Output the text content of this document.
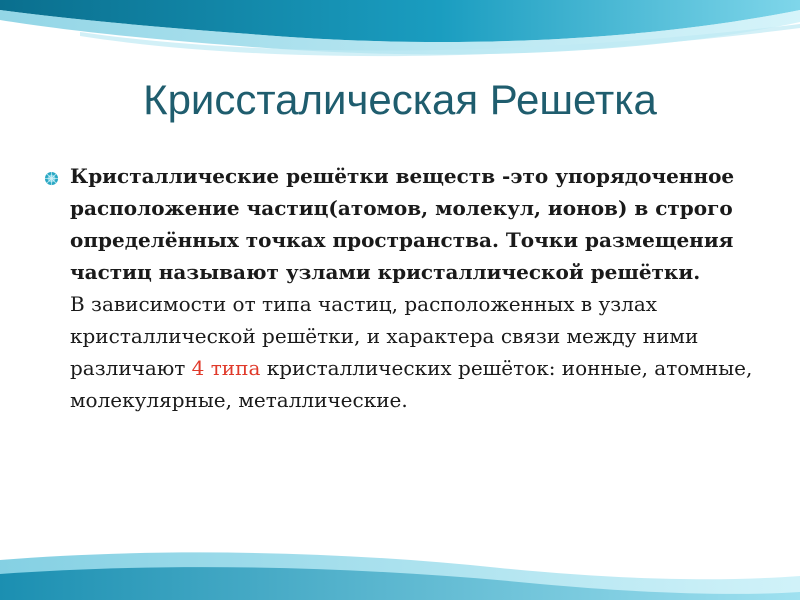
Криссталическая Решетка
Кристаллические решётки веществ -это упорядоченное расположение частиц(атомов, молекул, ионов) в строго определённых точках пространства. Точки размещения частиц называют узлами кристаллической решётки.
В зависимости от типа частиц, расположенных в узлах кристаллической решётки, и характера связи между ними различают 4 типа кристаллических решёток: ионные, атомные, молекулярные, металлические.
